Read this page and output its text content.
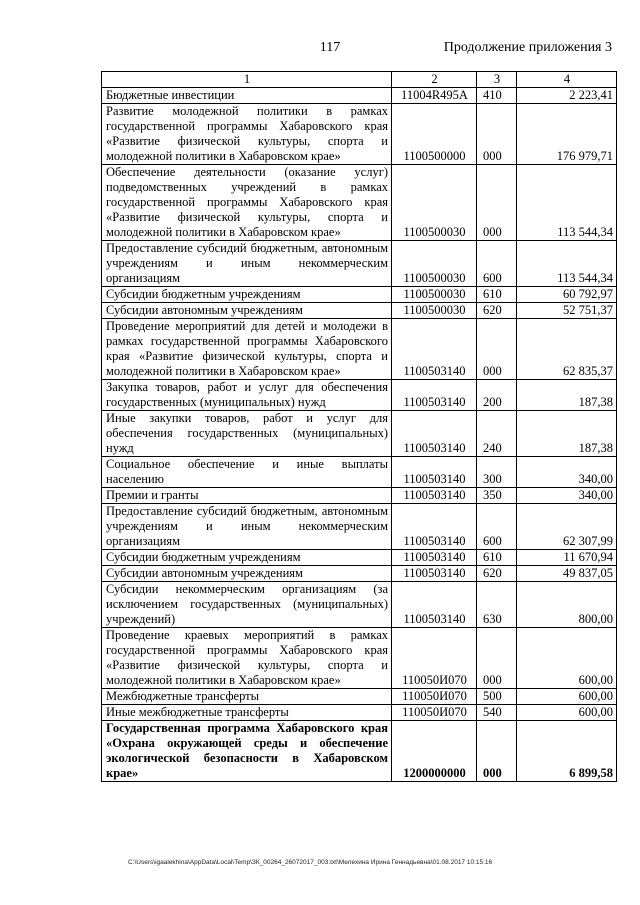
117	Продолжение приложения 3
1	2	3	4
Бюджетные инвестиции	11004R495A	410	2 223,41
Развитие молодежной политики в рамках государственной программы Хабаровского края «Развитие физической культуры, спорта и молодежной политики в Хабаровском крае»	1100500000	000	176 979,71
Обеспечение деятельности (оказание услуг) подведомственных учреждений в рамках государственной программы Хабаровского края «Развитие физической культуры, спорта и молодежной политики в Хабаровском крае»	1100500030	000	113 544,34
Предоставление субсидий бюджетным, автономным учреждениям и иным некоммерческим организациям	1100500030	600	113 544,34
Субсидии бюджетным учреждениям	1100500030	610	60 792,97
Субсидии автономным учреждениям	1100500030	620	52 751,37
Проведение мероприятий для детей и молодежи в рамках государственной программы Хабаровского края «Развитие физической культуры, спорта и молодежной политики в Хабаровском крае»	1100503140	000	62 835,37
Закупка товаров, работ и услуг для обеспечения государственных (муниципальных) нужд	1100503140	200	187,38
Иные закупки товаров, работ и услуг для обеспечения государственных (муниципальных) нужд	1100503140	240	187,38
Социальное обеспечение и иные выплаты населению	1100503140	300	340,00
Премии и гранты	1100503140	350	340,00
Предоставление субсидий бюджетным, автономным учреждениям и иным некоммерческим организациям	1100503140	600	62 307,99
Субсидии бюджетным учреждениям	1100503140	610	11 670,94
Субсидии автономным учреждениям	1100503140	620	49 837,05
Субсидии некоммерческим организациям (за исключением государственных (муниципальных) учреждений)	1100503140	630	800,00
Проведение краевых мероприятий в рамках государственной программы Хабаровского края «Развитие физической культуры, спорта и молодежной политики в Хабаровском крае»	110050И070	000	600,00
Межбюджетные трансферты	110050И070	500	600,00
Иные межбюджетные трансферты	110050И070	540	600,00
Государственная программа Хабаровского края «Охрана окружающей среды и обеспечение экологической безопасности в Хабаровском крае»	1200000000	000	6 899,58
C:\Users\igaalekhina\AppData\Local\Temp\ЗК_00264_26072017_003.txt\Мелехина Ирина Геннадьевна\01.08.2017 10:15:16
